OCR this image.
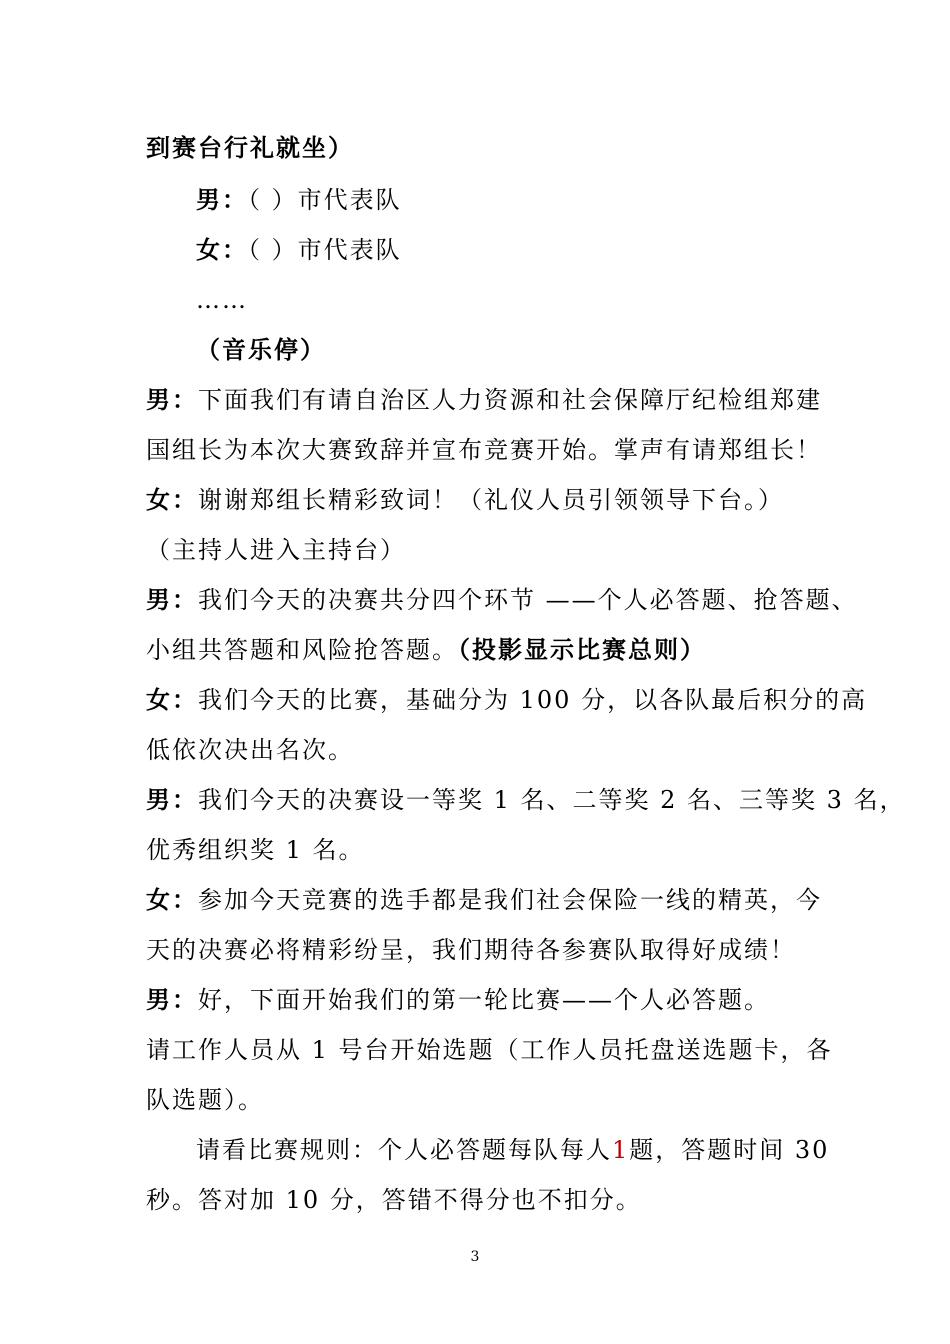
到赛台行礼就坐）
男：（ ）市代表队
女：（ ）市代表队
……
（音乐停）
男：下面我们有请自治区人力资源和社会保障厅纪检组郑建
国组长为本次大赛致辞并宣布竞赛开始。掌声有请郑组长！
女：谢谢郑组长精彩致词！（礼仪人员引领领导下台。）
（主持人进入主持台）
男：我们今天的决赛共分四个环节 ——个人必答题、抢答题、
小组共答题和风险抢答题。（投影显示比赛总则）
女：我们今天的比赛，基础分为 100 分，以各队最后积分的高
低依次决出名次。
男：我们今天的决赛设一等奖 1 名、二等奖 2 名、三等奖 3 名，
优秀组织奖 1 名。
女：参加今天竞赛的选手都是我们社会保险一线的精英，今
天的决赛必将精彩纷呈，我们期待各参赛队取得好成绩！
男：好，下面开始我们的第一轮比赛——个人必答题。
请工作人员从 1 号台开始选题（工作人员托盘送选题卡，各
队选题）。
请看比赛规则：个人必答题每队每人1题，答题时间 30
秒。答对加 10 分，答错不得分也不扣分。
3
